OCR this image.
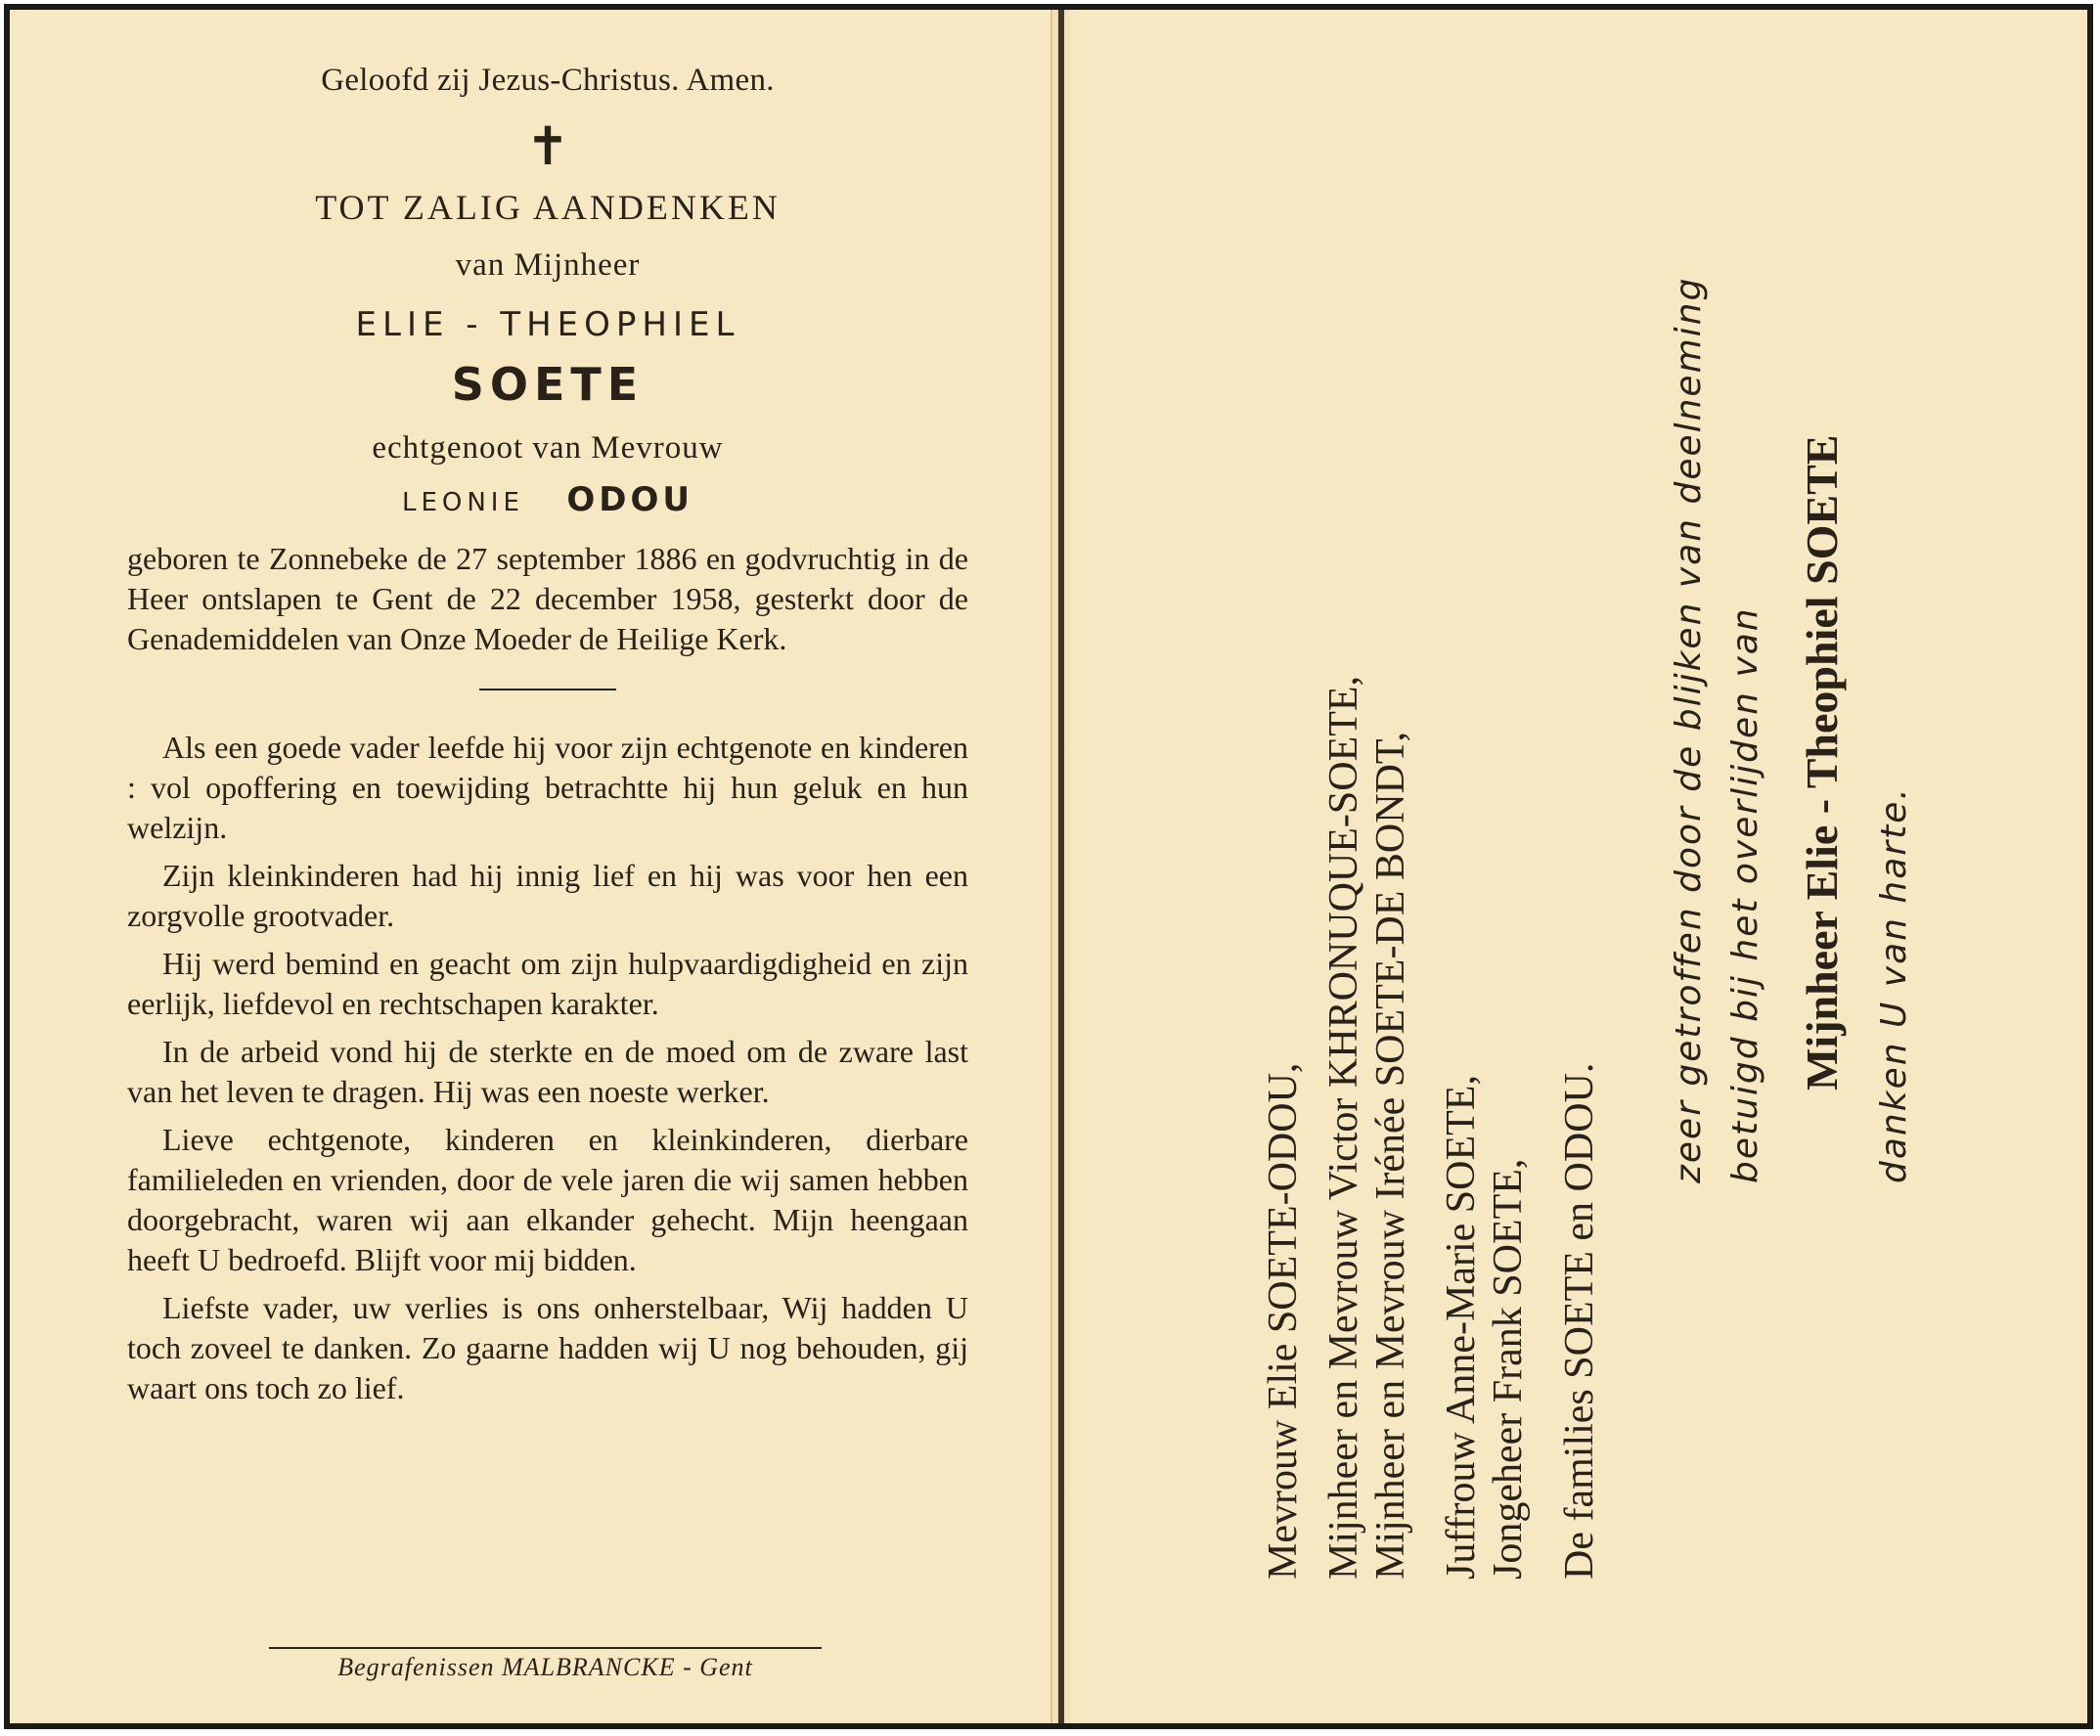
Geloofd zij Jezus-Christus. Amen.
✝
TOT ZALIG AANDENKEN
van Mijnheer
ELIE - THEOPHIEL
SOETE
echtgenoot van Mevrouw
LEONIE ODOU

geboren te Zonnebeke de 27 september 1886 en godvruchtig in de Heer ontslapen te Gent de 22 december 1958, gesterkt door de Genademiddelen van Onze Moeder de Heilige Kerk.

Als een goede vader leefde hij voor zijn echtgenote en kinderen : vol opoffering en toewijding betrachtte hij hun geluk en hun welzijn.

Zijn kleinkinderen had hij innig lief en hij was voor hen een zorgvolle grootvader.

Hij werd bemind en geacht om zijn hulpvaardigdigheid en zijn eerlijk, liefdevol en rechtschapen karakter.

In de arbeid vond hij de sterkte en de moed om de zware last van het leven te dragen. Hij was een noeste werker.

Lieve echtgenote, kinderen en kleinkinderen, dierbare familieleden en vrienden, door de vele jaren die wij samen hebben doorgebracht, waren wij aan elkander gehecht. Mijn heengaan heeft U bedroefd. Blijft voor mij bidden.

Liefste vader, uw verlies is ons onherstelbaar, Wij hadden U toch zoveel te danken. Zo gaarne hadden wij U nog behouden, gij waart ons toch zo lief.

Begrafenissen MALBRANCKE - Gent
Mevrouw Elie SOETE-ODOU, Mijnheer en Mevrouw Victor KHRONUQUE-SOETE, Mijnheer en Mevrouw Irénée SOETE-DE BONDT, Juffrouw Anne-Marie SOETE, Jongeheer Frank SOETE, De families SOETE en ODOU.
zeer getroffen door de blijken van deelneming betuigd bij het overlijden van Mijnheer Elie - Theophiel SOETE danken U van harte.
